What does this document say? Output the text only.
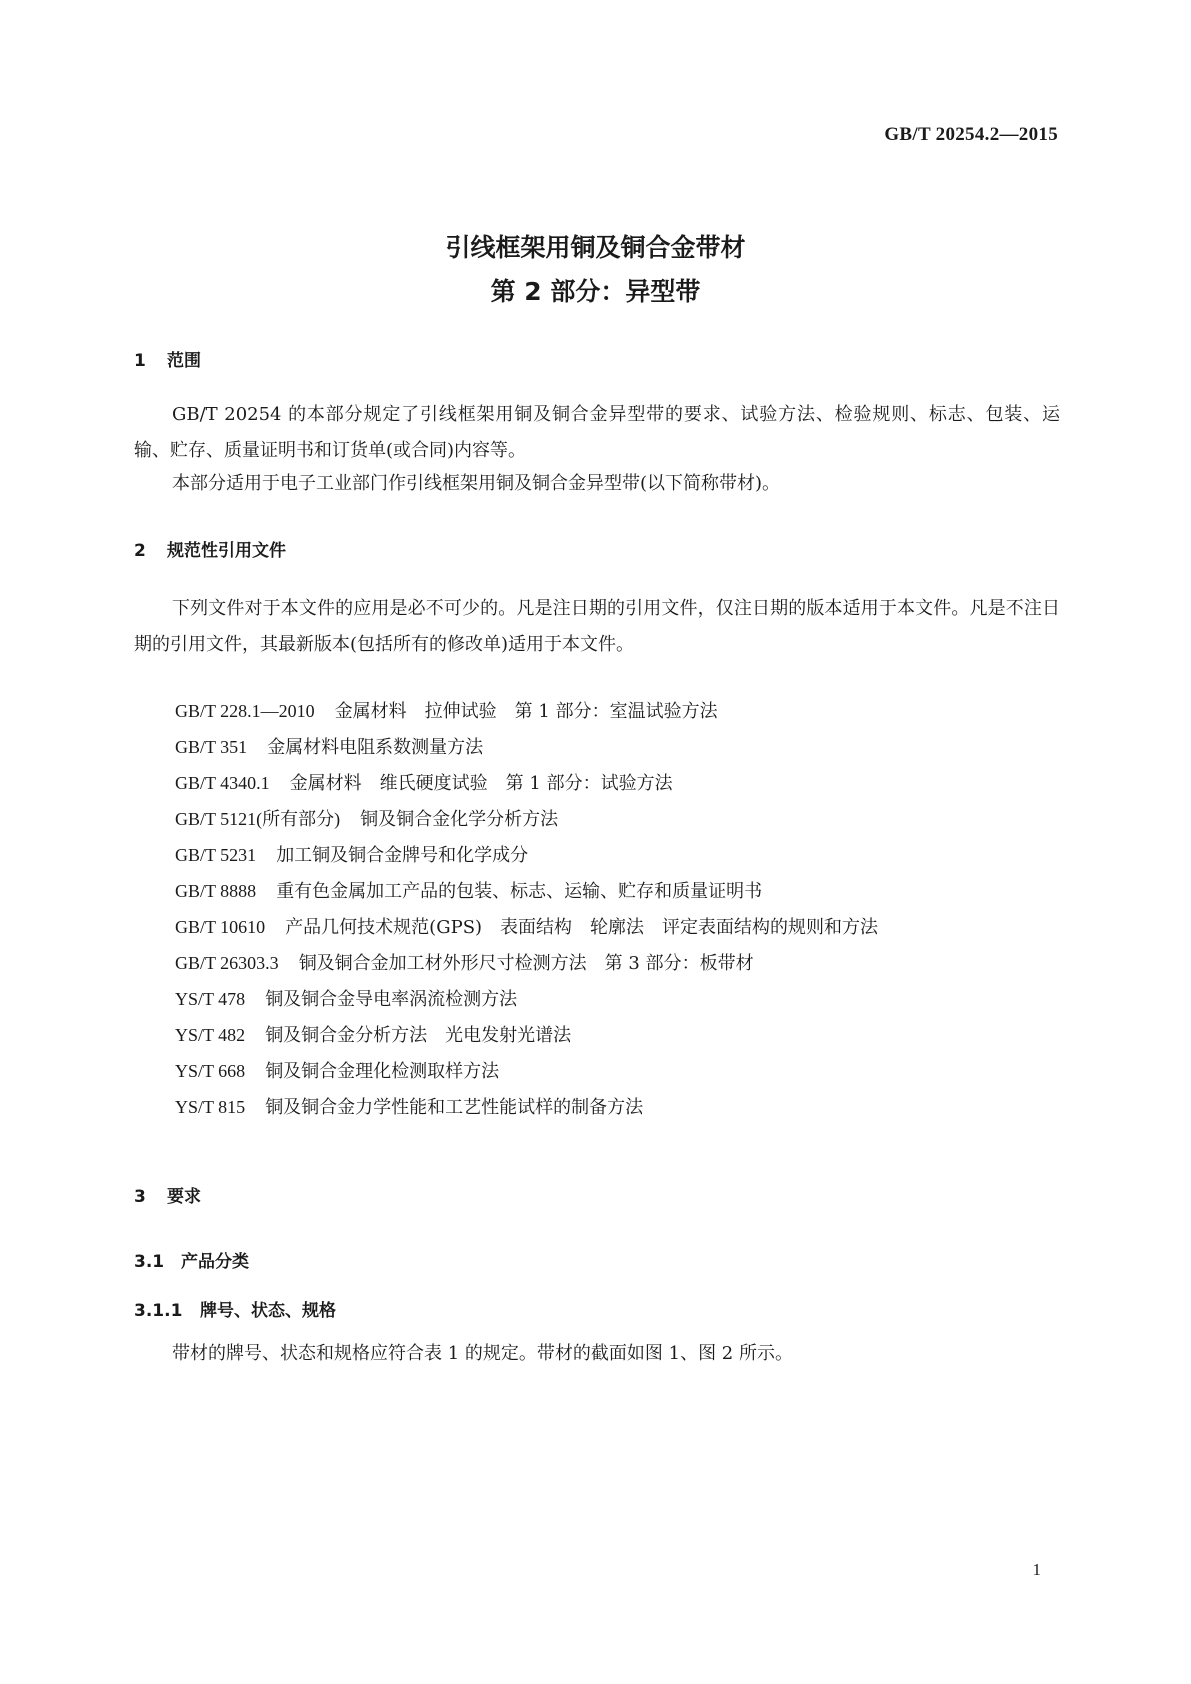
GB/T 20254.2—2015
引线框架用铜及铜合金带材
第 2 部分：异型带
1 范围
GB/T 20254 的本部分规定了引线框架用铜及铜合金异型带的要求、试验方法、检验规则、标志、包装、运输、贮存、质量证明书和订货单(或合同)内容等。
本部分适用于电子工业部门作引线框架用铜及铜合金异型带(以下简称带材)。
2 规范性引用文件
下列文件对于本文件的应用是必不可少的。凡是注日期的引用文件，仅注日期的版本适用于本文件。凡是不注日期的引用文件，其最新版本(包括所有的修改单)适用于本文件。
GB/T 228.1—2010 金属材料　拉伸试验　第 1 部分：室温试验方法
GB/T 351 金属材料电阻系数测量方法
GB/T 4340.1 金属材料　维氏硬度试验　第 1 部分：试验方法
GB/T 5121(所有部分) 铜及铜合金化学分析方法
GB/T 5231 加工铜及铜合金牌号和化学成分
GB/T 8888 重有色金属加工产品的包装、标志、运输、贮存和质量证明书
GB/T 10610 产品几何技术规范(GPS)　表面结构　轮廓法　评定表面结构的规则和方法
GB/T 26303.3 铜及铜合金加工材外形尺寸检测方法　第 3 部分：板带材
YS/T 478 铜及铜合金导电率涡流检测方法
YS/T 482 铜及铜合金分析方法　光电发射光谱法
YS/T 668 铜及铜合金理化检测取样方法
YS/T 815 铜及铜合金力学性能和工艺性能试样的制备方法
3 要求
3.1 产品分类
3.1.1 牌号、状态、规格
带材的牌号、状态和规格应符合表 1 的规定。带材的截面如图 1、图 2 所示。
1
